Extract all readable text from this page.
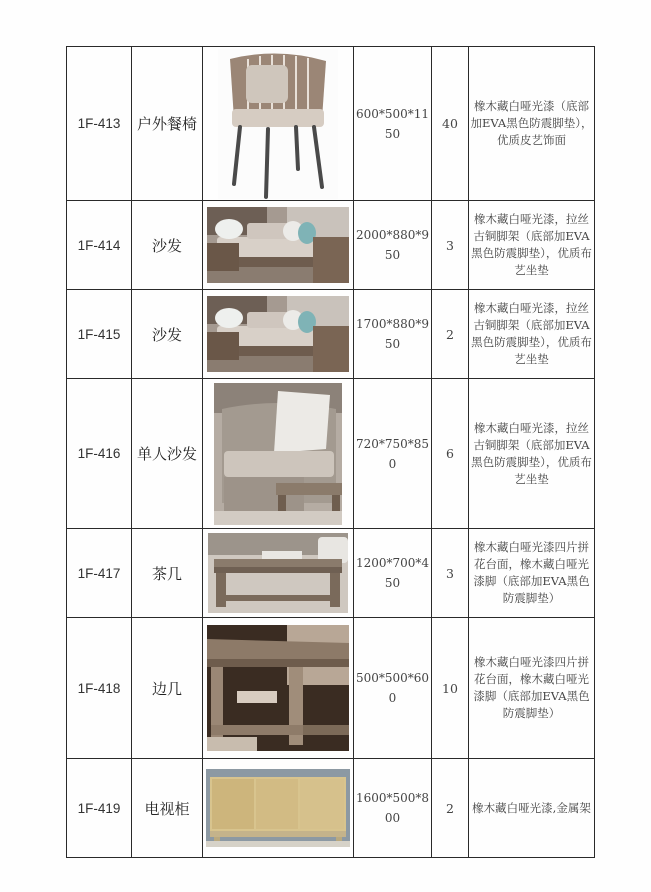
1F-413	户外餐椅		600*500*1150	40	橡木藏白哑光漆（底部加EVA黑色防震脚垫），优质皮艺饰面
1F-414	沙发		2000*880*950	3	橡木藏白哑光漆，拉丝古铜脚架（底部加EVA黑色防震脚垫），优质布艺坐垫
1F-415	沙发		1700*880*950	2	橡木藏白哑光漆，拉丝古铜脚架（底部加EVA黑色防震脚垫），优质布艺坐垫
1F-416	单人沙发		720*750*850	6	橡木藏白哑光漆，拉丝古铜脚架（底部加EVA黑色防震脚垫），优质布艺坐垫
1F-417	茶几		1200*700*450	3	橡木藏白哑光漆四片拼花台面，橡木藏白哑光漆脚（底部加EVA黑色防震脚垫）
1F-418	边几		500*500*600	10	橡木藏白哑光漆四片拼花台面，橡木藏白哑光漆脚（底部加EVA黑色防震脚垫）
1F-419	电视柜		1600*500*800	2	橡木藏白哑光漆,金属架
